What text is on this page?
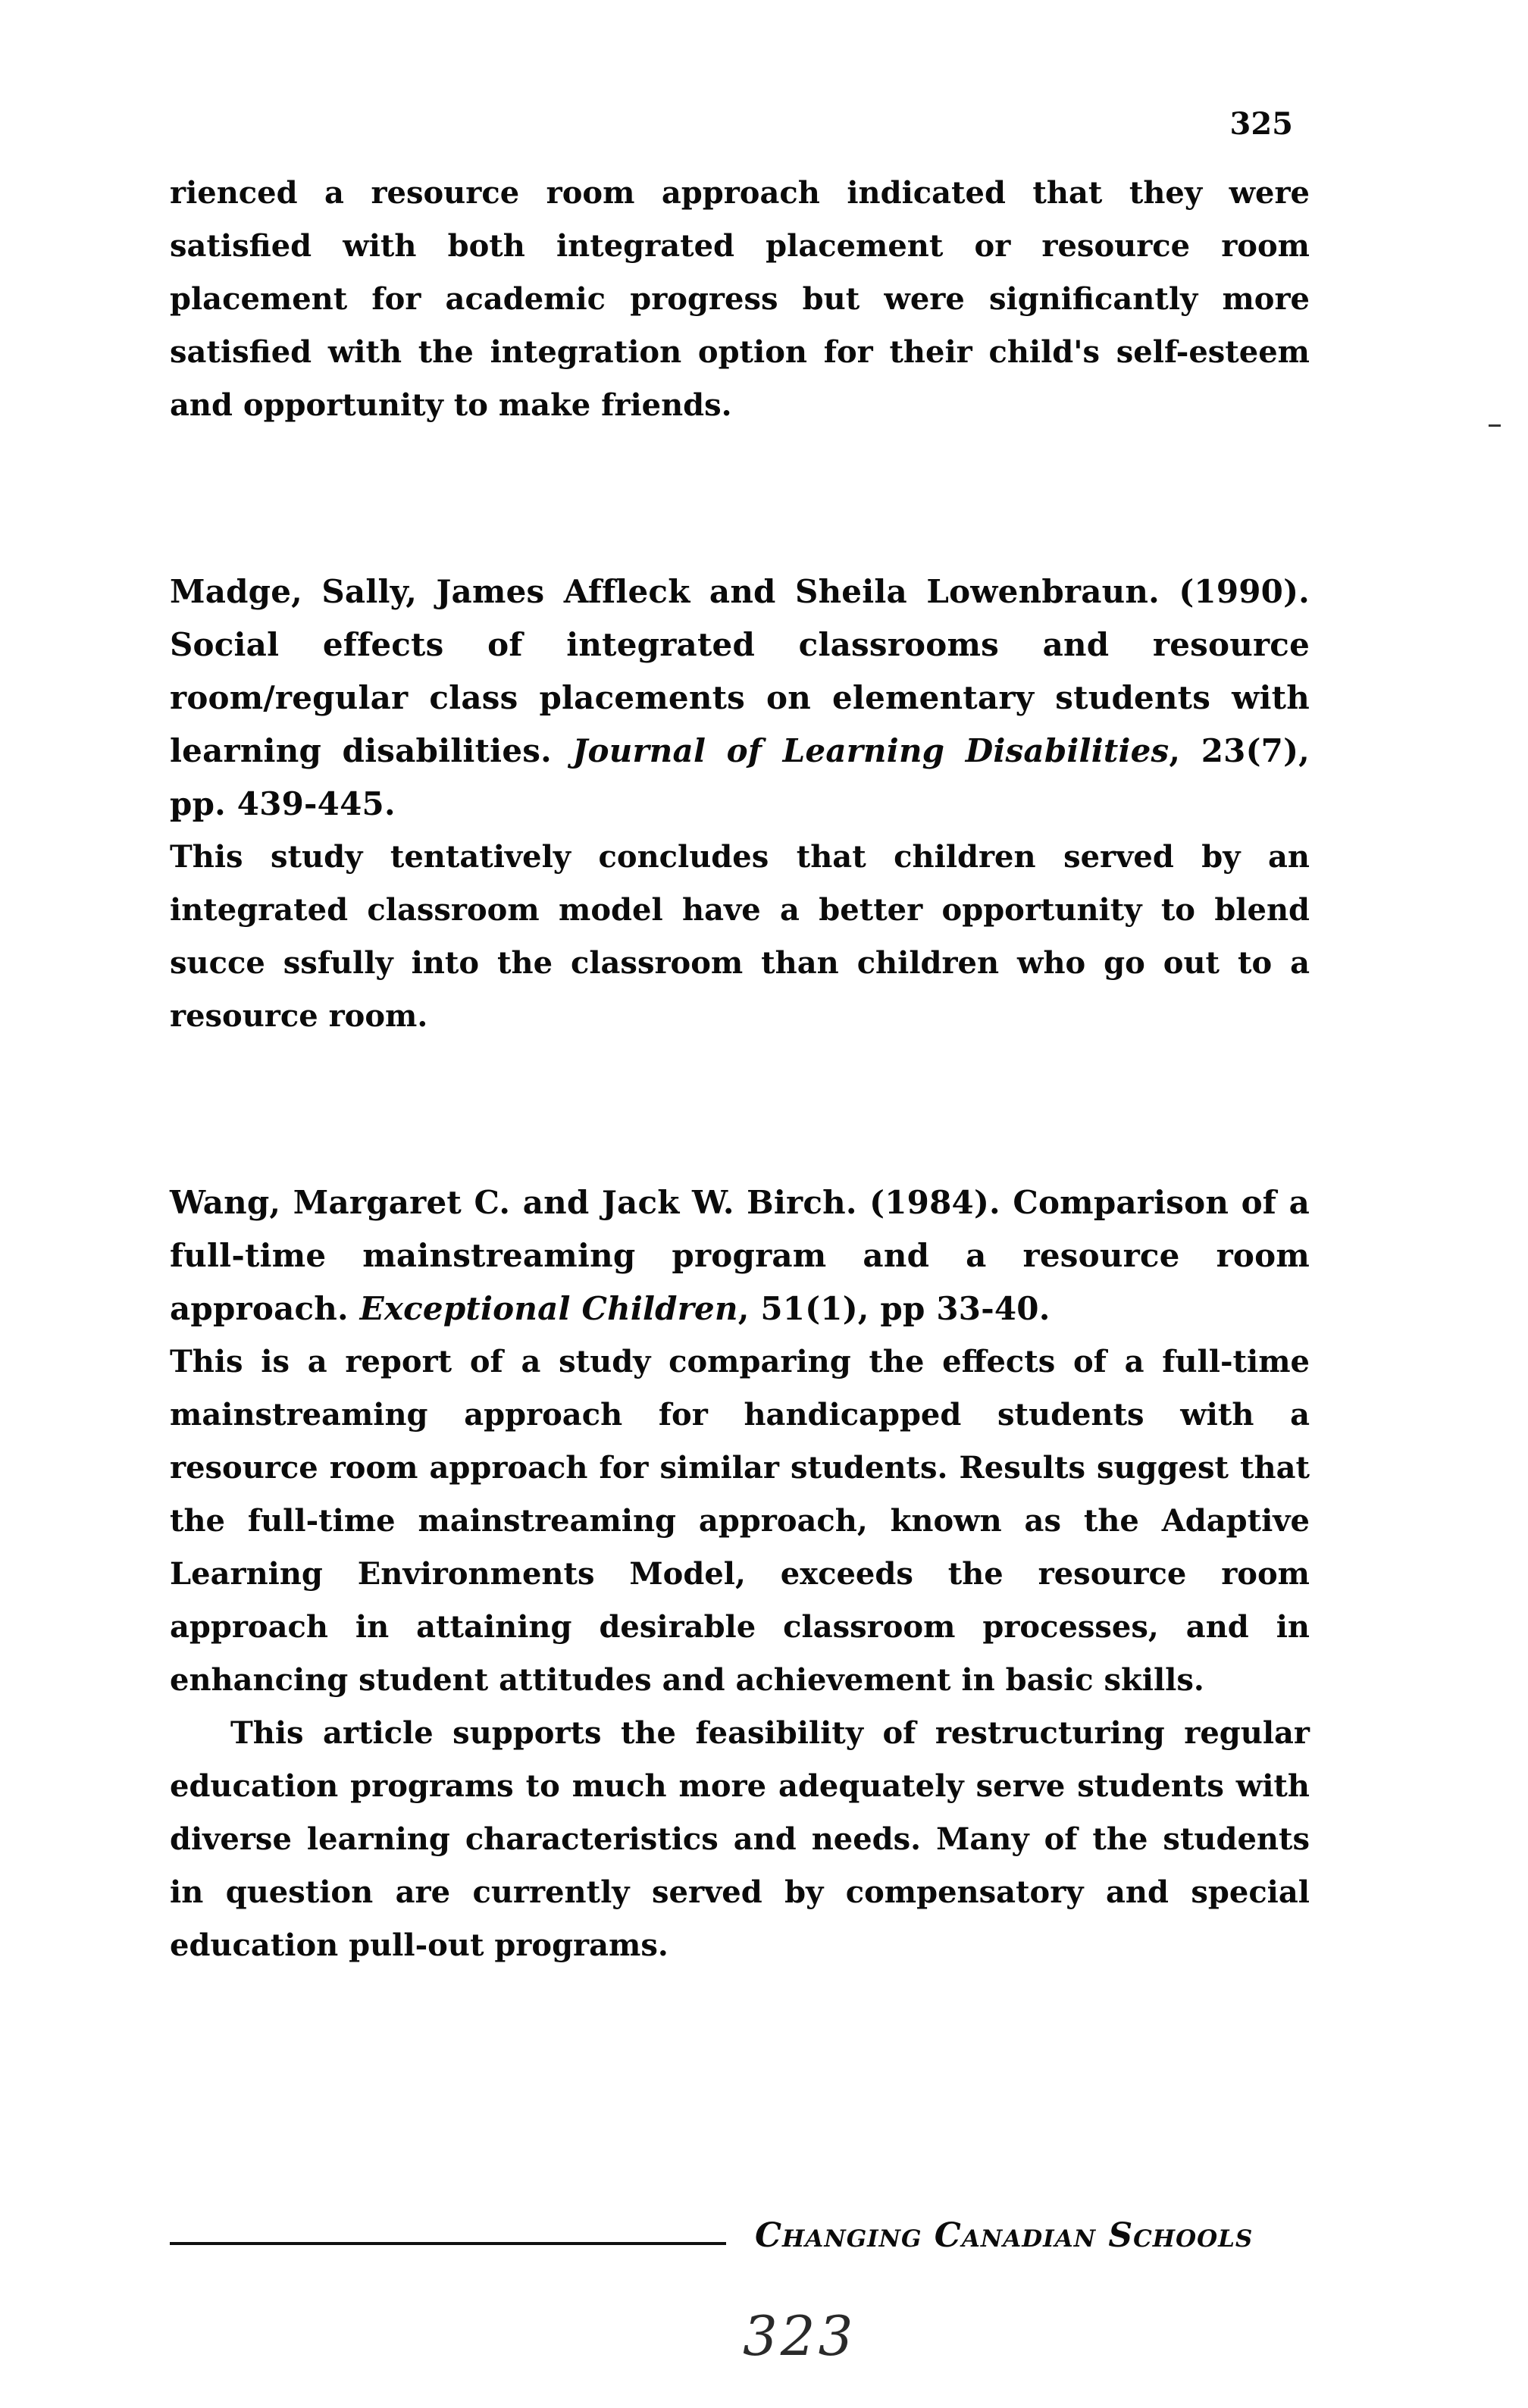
325

rienced a resource room approach indicated that they were satisfied with both integrated placement or resource room placement for academic progress but were significantly more satisfied with the integration option for their child's self-esteem and opportunity to make friends.

Madge, Sally, James Affleck and Sheila Lowenbraun. (1990). Social effects of integrated classrooms and resource room/regular class placements on elementary students with learning disabilities. Journal of Learning Disabilities, 23(7), pp. 439-445.

This study tentatively concludes that children served by an integrated classroom model have a better opportunity to blend succe ssfully into the classroom than children who go out to a resource room.

Wang, Margaret C. and Jack W. Birch. (1984). Comparison of a full-time mainstreaming program and a resource room approach. Exceptional Children, 51(1), pp 33-40.

This is a report of a study comparing the effects of a full-time mainstreaming approach for handicapped students with a resource room approach for similar students. Results suggest that the full-time mainstreaming approach, known as the Adaptive Learning Environments Model, exceeds the resource room approach in attaining desirable classroom processes, and in enhancing student attitudes and achievement in basic skills.

This article supports the feasibility of restructuring regular education programs to much more adequately serve students with diverse learning characteristics and needs. Many of the students in question are currently served by compensatory and special education pull-out programs.

Changing Canadian Schools
323
